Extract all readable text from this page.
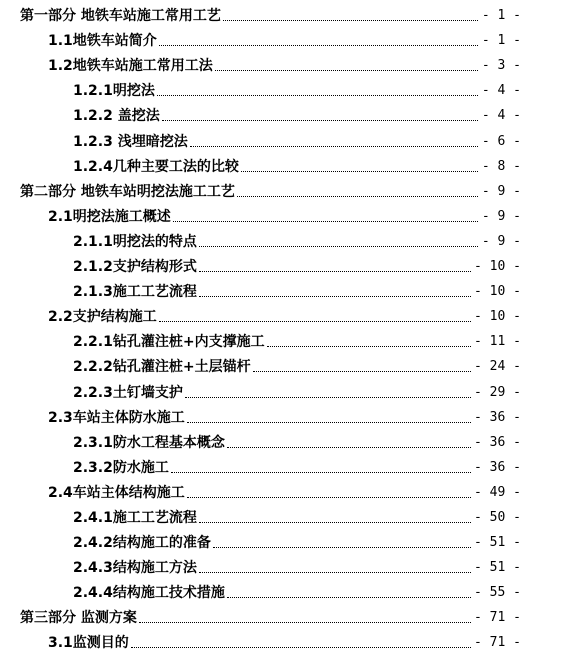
第一部分 地铁车站施工常用工艺	- 1 -
1.1地铁车站简介	- 1 -
1.2地铁车站施工常用工法	- 3 -
1.2.1明挖法	- 4 -
1.2.2 盖挖法	- 4 -
1.2.3 浅埋暗挖法	- 6 -
1.2.4几种主要工法的比较	- 8 -
第二部分 地铁车站明挖法施工工艺	- 9 -
2.1明挖法施工概述	- 9 -
2.1.1明挖法的特点	- 9 -
2.1.2支护结构形式	- 10 -
2.1.3施工工艺流程	- 10 -
2.2支护结构施工	- 10 -
2.2.1钻孔灌注桩+内支撑施工	- 11 -
2.2.2钻孔灌注桩+土层锚杆	- 24 -
2.2.3土钉墙支护	- 29 -
2.3车站主体防水施工	- 36 -
2.3.1防水工程基本概念	- 36 -
2.3.2防水施工	- 36 -
2.4车站主体结构施工	- 49 -
2.4.1施工工艺流程	- 50 -
2.4.2结构施工的准备	- 51 -
2.4.3结构施工方法	- 51 -
2.4.4结构施工技术措施	- 55 -
第三部分 监测方案	- 71 -
3.1监测目的	- 71 -
